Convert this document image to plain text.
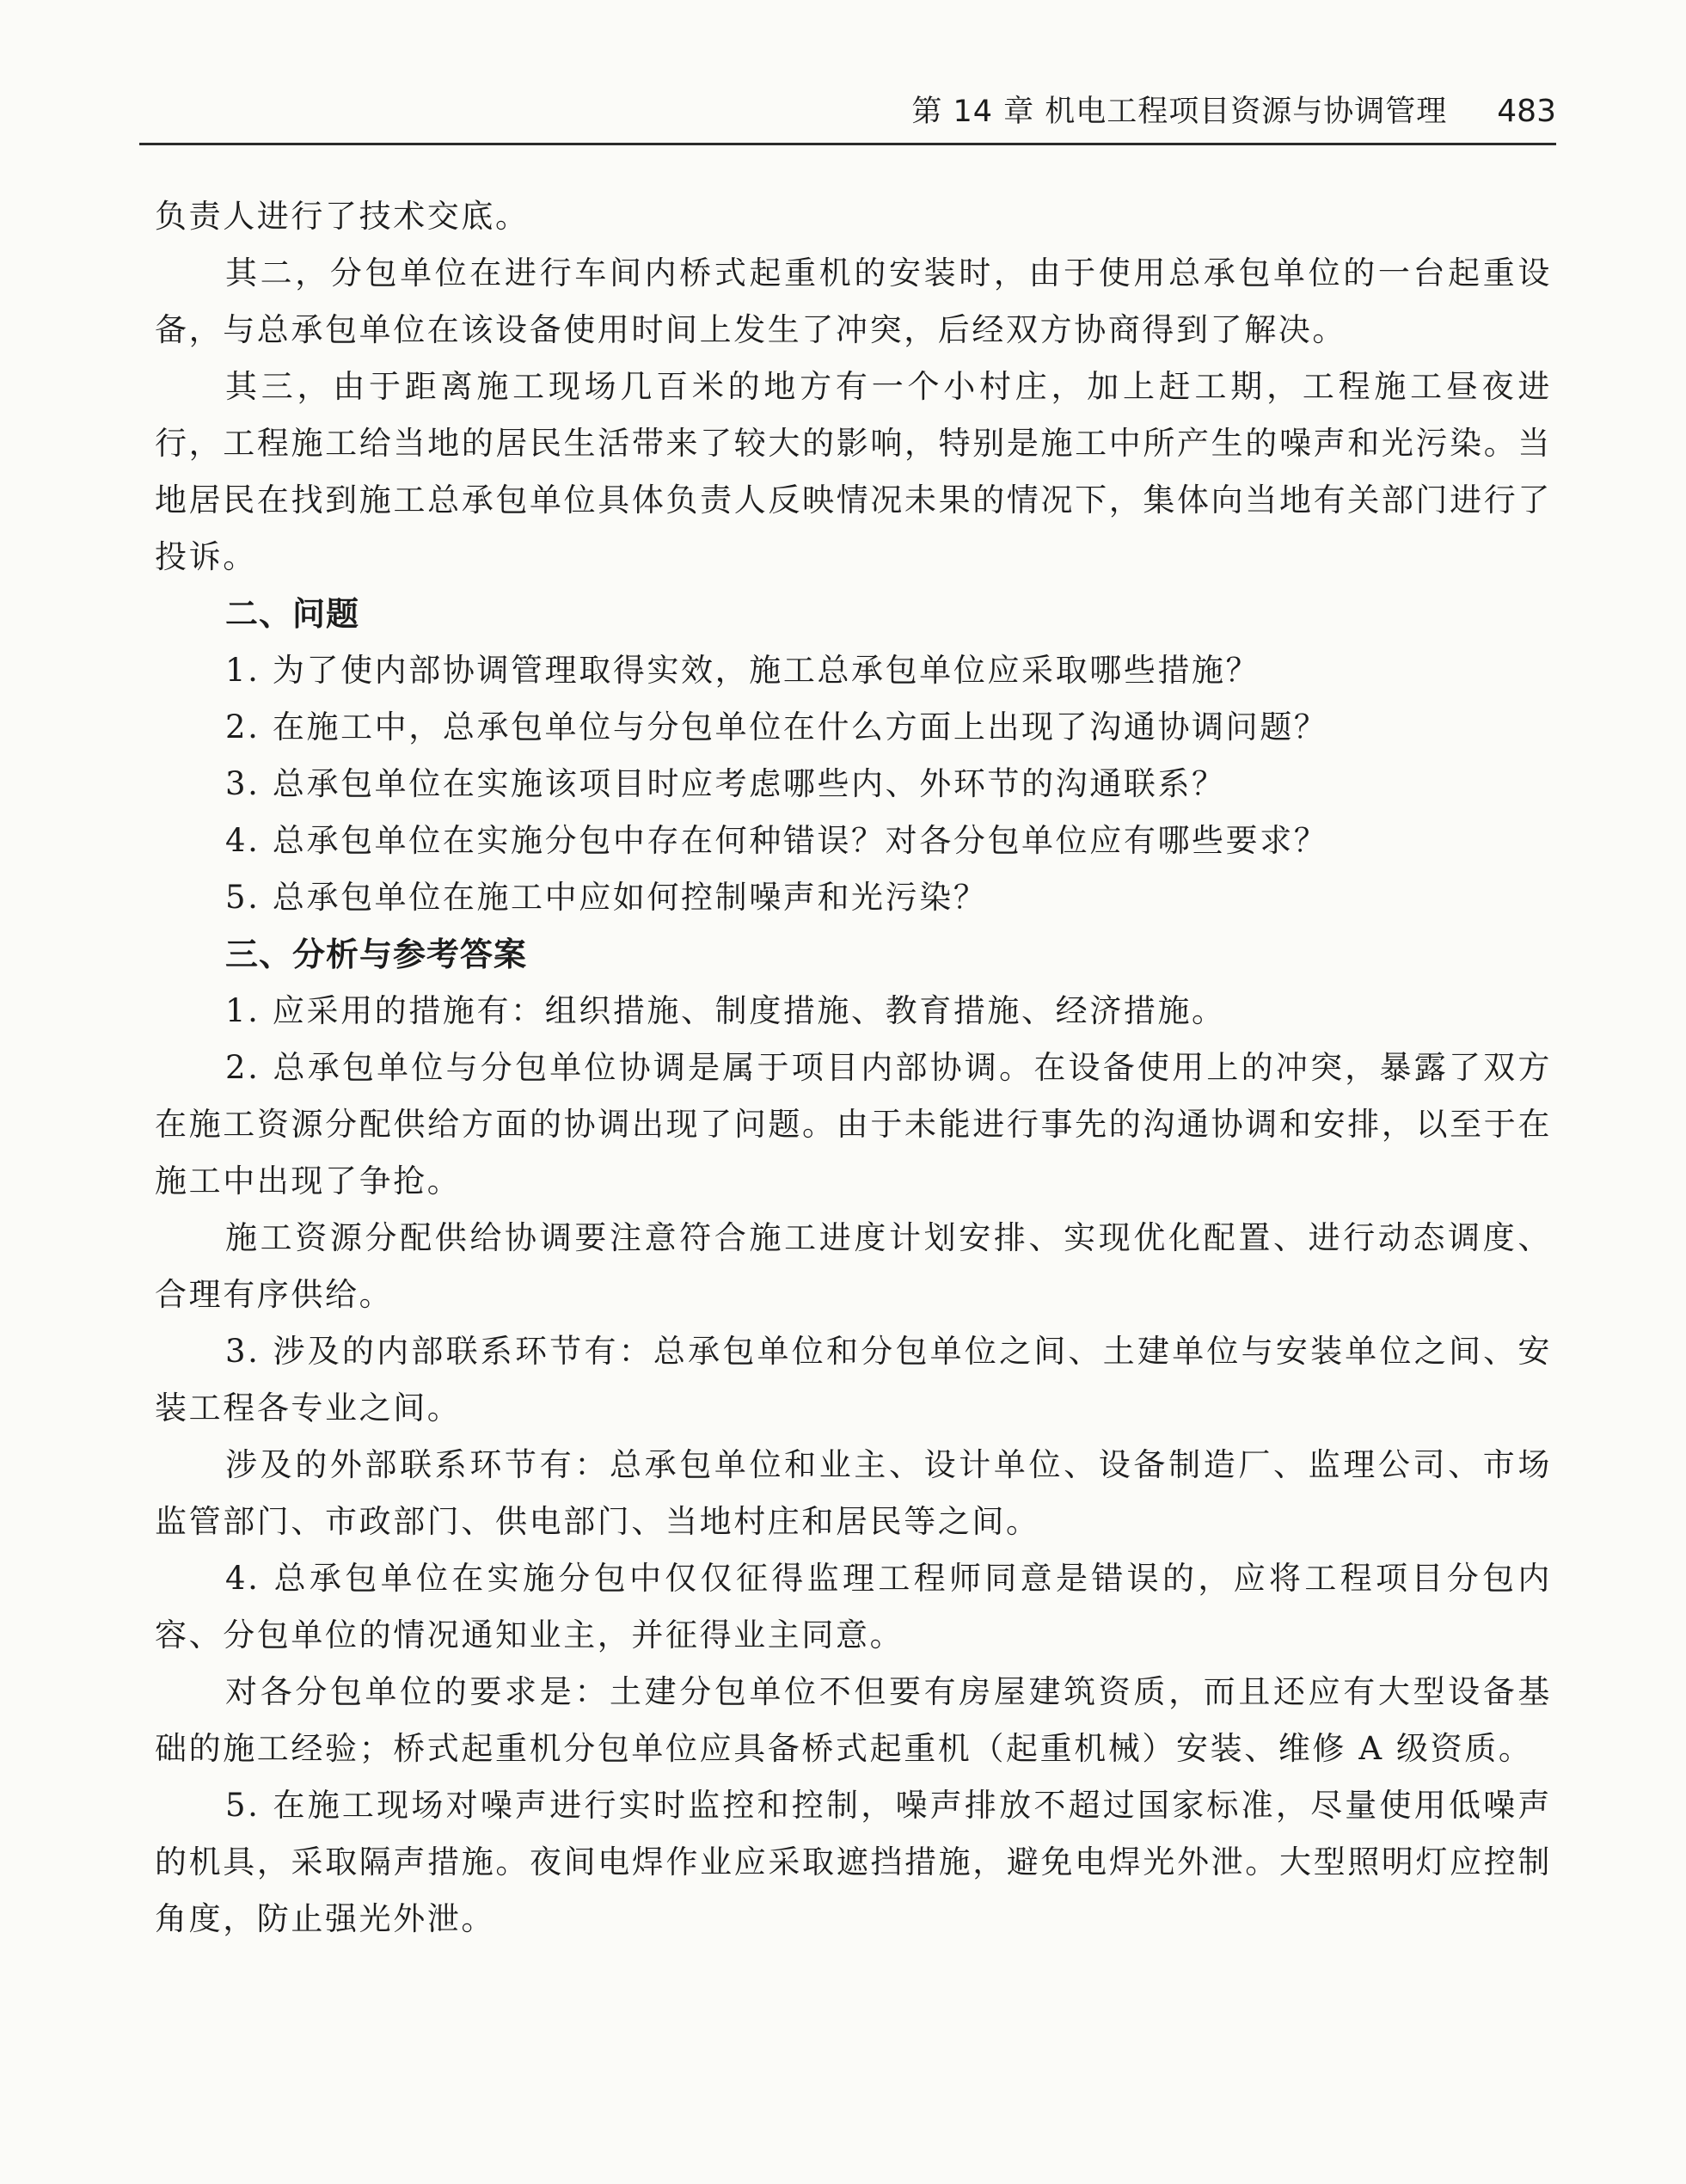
第 14 章 机电工程项目资源与协调管理 483

负责人进行了技术交底。

其二，分包单位在进行车间内桥式起重机的安装时，由于使用总承包单位的一台起重设备，与总承包单位在该设备使用时间上发生了冲突，后经双方协商得到了解决。

其三，由于距离施工现场几百米的地方有一个小村庄，加上赶工期，工程施工昼夜进行，工程施工给当地的居民生活带来了较大的影响，特别是施工中所产生的噪声和光污染。当地居民在找到施工总承包单位具体负责人反映情况未果的情况下，集体向当地有关部门进行了投诉。

二、问题

1. 为了使内部协调管理取得实效，施工总承包单位应采取哪些措施？

2. 在施工中，总承包单位与分包单位在什么方面上出现了沟通协调问题？

3. 总承包单位在实施该项目时应考虑哪些内、外环节的沟通联系？

4. 总承包单位在实施分包中存在何种错误？对各分包单位应有哪些要求？

5. 总承包单位在施工中应如何控制噪声和光污染？

三、分析与参考答案

1. 应采用的措施有：组织措施、制度措施、教育措施、经济措施。

2. 总承包单位与分包单位协调是属于项目内部协调。在设备使用上的冲突，暴露了双方在施工资源分配供给方面的协调出现了问题。由于未能进行事先的沟通协调和安排，以至于在施工中出现了争抢。

施工资源分配供给协调要注意符合施工进度计划安排、实现优化配置、进行动态调度、合理有序供给。

3. 涉及的内部联系环节有：总承包单位和分包单位之间、土建单位与安装单位之间、安装工程各专业之间。

涉及的外部联系环节有：总承包单位和业主、设计单位、设备制造厂、监理公司、市场监管部门、市政部门、供电部门、当地村庄和居民等之间。

4. 总承包单位在实施分包中仅仅征得监理工程师同意是错误的，应将工程项目分包内容、分包单位的情况通知业主，并征得业主同意。

对各分包单位的要求是：土建分包单位不但要有房屋建筑资质，而且还应有大型设备基础的施工经验；桥式起重机分包单位应具备桥式起重机（起重机械）安装、维修 A 级资质。

5. 在施工现场对噪声进行实时监控和控制，噪声排放不超过国家标准，尽量使用低噪声的机具，采取隔声措施。夜间电焊作业应采取遮挡措施，避免电焊光外泄。大型照明灯应控制角度，防止强光外泄。
